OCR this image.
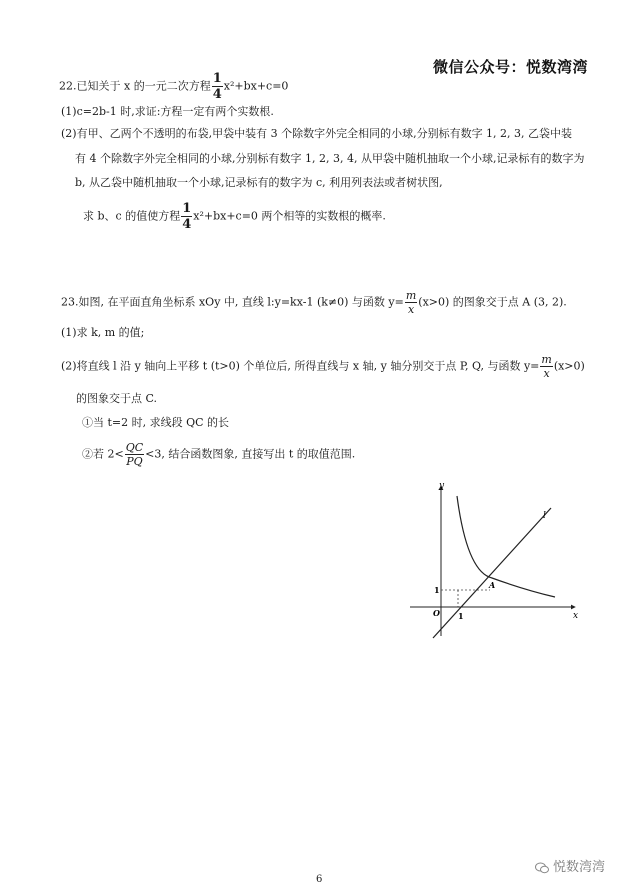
微信公众号：悦数湾湾
22.已知关于 x 的一元二次方程 $\frac{1}{4} x^2+bx+c=0$
(1)c=2b-1 时,求证:方程一定有两个实数根.
(2)有甲、乙两个不透明的布袋,甲袋中装有 3 个除数字外完全相同的小球,分别标有数字 1, 2, 3, 乙袋中装
有 4 个除数字外完全相同的小球,分别标有数字 1, 2, 3, 4, 从甲袋中随机抽取一个小球,记录标有的数字为
b, 从乙袋中随机抽取一个小球,记录标有的数字为 c, 利用列表法或者树状图,
求 b、c 的值使方程 $\frac{1}{4} x^2+bx+c=0$ 两个相等的实数根的概率.
23.如图, 在平面直角坐标系 xOy 中, 直线 l:y=kx-1 (k≠0) 与函数 $y= \frac{m}{x} (x>0)$ 的图象交于点 A (3, 2).
(1)求 k, m 的值;
(2)将直线 l 沿 y 轴向上平移 t (t>0) 个单位后, 所得直线与 x 轴, y 轴分别交于点 P, Q, 与函数 $y= \frac{m}{x} (x>0)$
的图象交于点 C.
①当 t=2 时, 求线段 QC 的长
②若 $2< \frac{QC}{PQ} <3$, 结合函数图象, 直接写出 t 的取值范围.
y
x
O 1
1
l
A
悦数湾湾
6
